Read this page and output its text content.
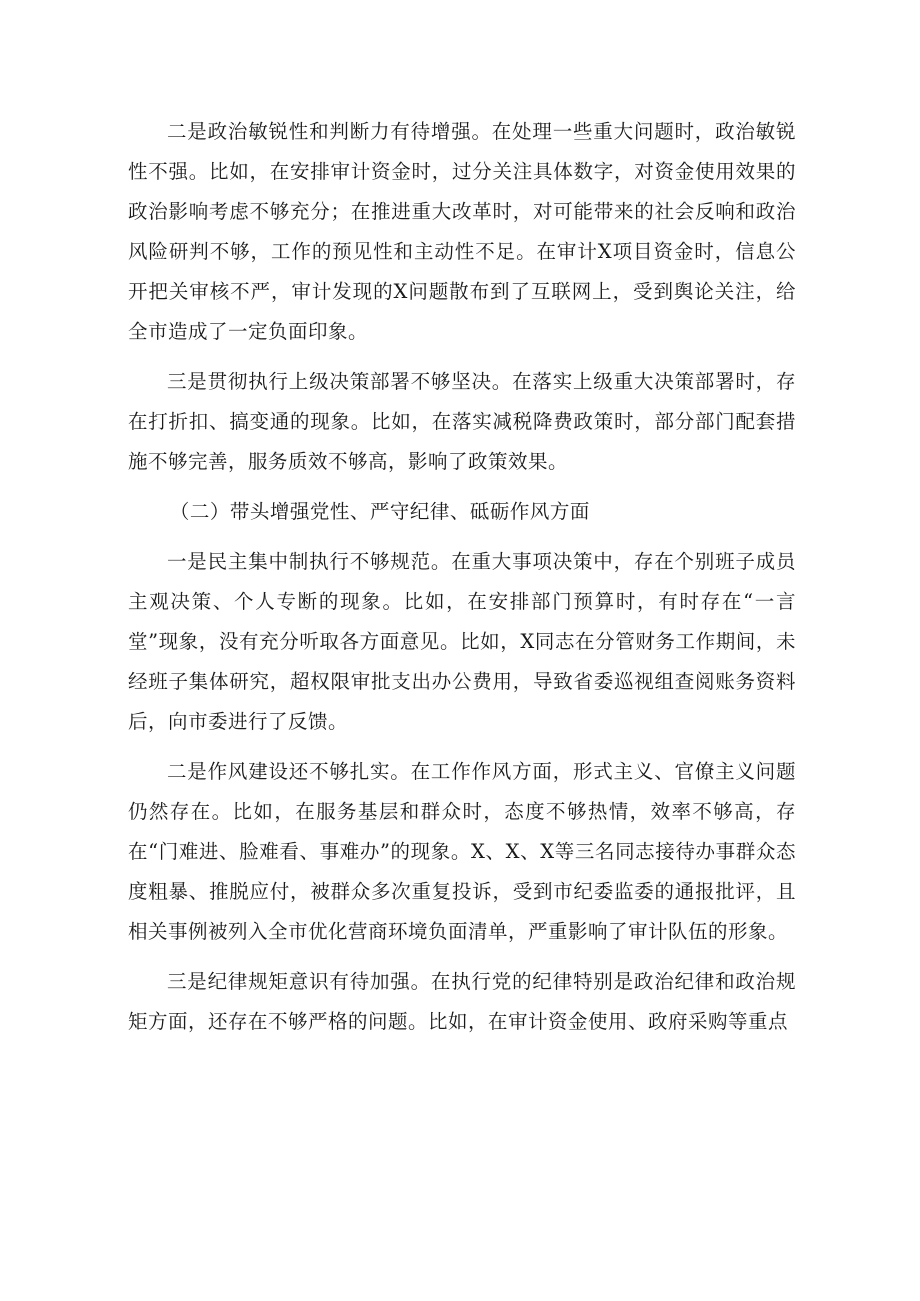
二是政治敏锐性和判断力有待增强。在处理一些重大问题时，政治敏锐性不强。比如，在安排审计资金时，过分关注具体数字，对资金使用效果的政治影响考虑不够充分；在推进重大改革时，对可能带来的社会反响和政治风险研判不够，工作的预见性和主动性不足。在审计X项目资金时，信息公开把关审核不严，审计发现的X问题散布到了互联网上，受到舆论关注，给全市造成了一定负面印象。

三是贯彻执行上级决策部署不够坚决。在落实上级重大决策部署时，存在打折扣、搞变通的现象。比如，在落实减税降费政策时，部分部门配套措施不够完善，服务质效不够高，影响了政策效果。

（二）带头增强党性、严守纪律、砥砺作风方面

一是民主集中制执行不够规范。在重大事项决策中，存在个别班子成员主观决策、个人专断的现象。比如，在安排部门预算时，有时存在“一言堂”现象，没有充分听取各方面意见。比如，X同志在分管财务工作期间，未经班子集体研究，超权限审批支出办公费用，导致省委巡视组查阅账务资料后，向市委进行了反馈。

二是作风建设还不够扎实。在工作作风方面，形式主义、官僚主义问题仍然存在。比如，在服务基层和群众时，态度不够热情，效率不够高，存在“门难进、脸难看、事难办”的现象。X、X、X等三名同志接待办事群众态度粗暴、推脱应付，被群众多次重复投诉，受到市纪委监委的通报批评，且相关事例被列入全市优化营商环境负面清单，严重影响了审计队伍的形象。

三是纪律规矩意识有待加强。在执行党的纪律特别是政治纪律和政治规矩方面，还存在不够严格的问题。比如，在审计资金使用、政府采购等重点
